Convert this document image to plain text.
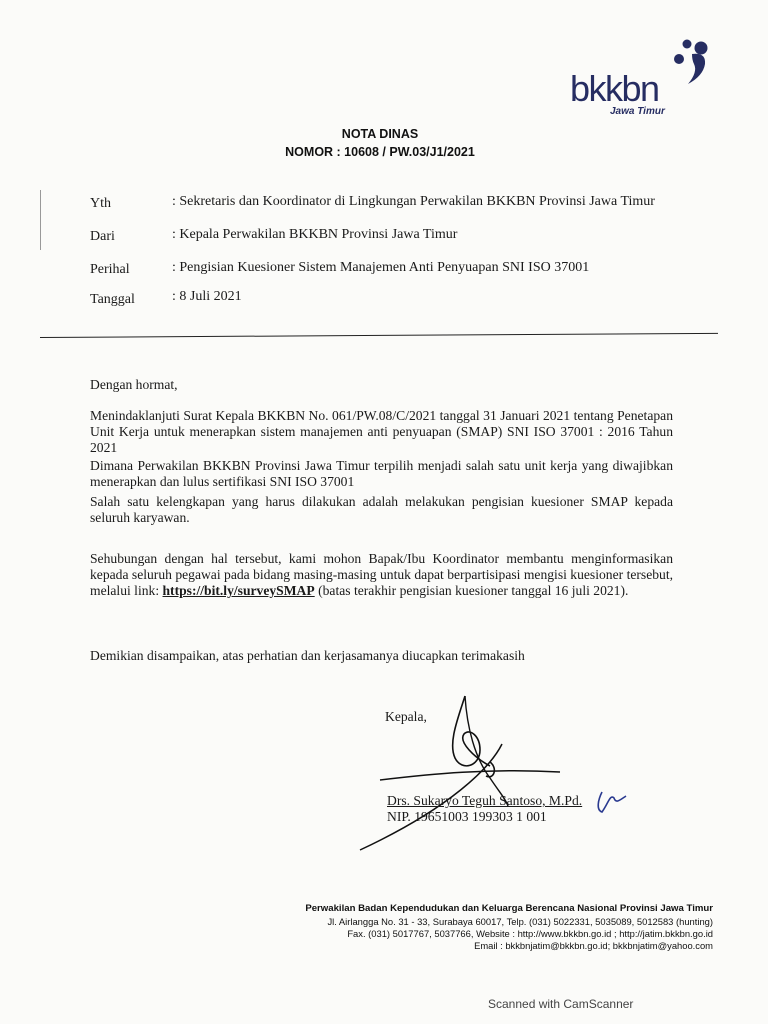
bkkbn
Jawa Timur
NOTA DINAS
NOMOR : 10608 / PW.03/J1/2021
Yth	: Sekretaris dan Koordinator di Lingkungan Perwakilan BKKBN Provinsi Jawa Timur
Dari	: Kepala Perwakilan BKKBN Provinsi Jawa Timur
Perihal	: Pengisian Kuesioner Sistem Manajemen Anti Penyuapan SNI ISO 37001
Tanggal	: 8 Juli 2021
Dengan hormat,
Menindaklanjuti Surat Kepala BKKBN No. 061/PW.08/C/2021 tanggal 31 Januari 2021 tentang Penetapan Unit Kerja untuk menerapkan sistem manajemen anti penyuapan (SMAP) SNI ISO 37001 : 2016 Tahun 2021
Dimana Perwakilan BKKBN Provinsi Jawa Timur terpilih menjadi salah satu unit kerja yang diwajibkan menerapkan dan lulus sertifikasi SNI ISO 37001
Salah satu kelengkapan yang harus dilakukan adalah melakukan pengisian kuesioner SMAP kepada seluruh karyawan.
Sehubungan dengan hal tersebut, kami mohon Bapak/Ibu Koordinator membantu menginformasikan kepada seluruh pegawai pada bidang masing-masing untuk dapat berpartisipasi mengisi kuesioner tersebut, melalui link: https://bit.ly/surveySMAP (batas terakhir pengisian kuesioner tanggal 16 juli 2021).
Demikian disampaikan, atas perhatian dan kerjasamanya diucapkan terimakasih
Kepala,
Drs. Sukaryo Teguh Santoso, M.Pd.
NIP. 19651003 199303 1 001
Perwakilan Badan Kependudukan dan Keluarga Berencana Nasional Provinsi Jawa Timur
Jl. Airlangga No. 31 - 33, Surabaya 60017, Telp. (031) 5022331, 5035089, 5012583 (hunting)
Fax. (031) 5017767, 5037766, Website : http://www.bkkbn.go.id ; http://jatim.bkkbn.go.id
Email : bkkbnjatim@bkkbn.go.id; bkkbnjatim@yahoo.com
Scanned with CamScanner
